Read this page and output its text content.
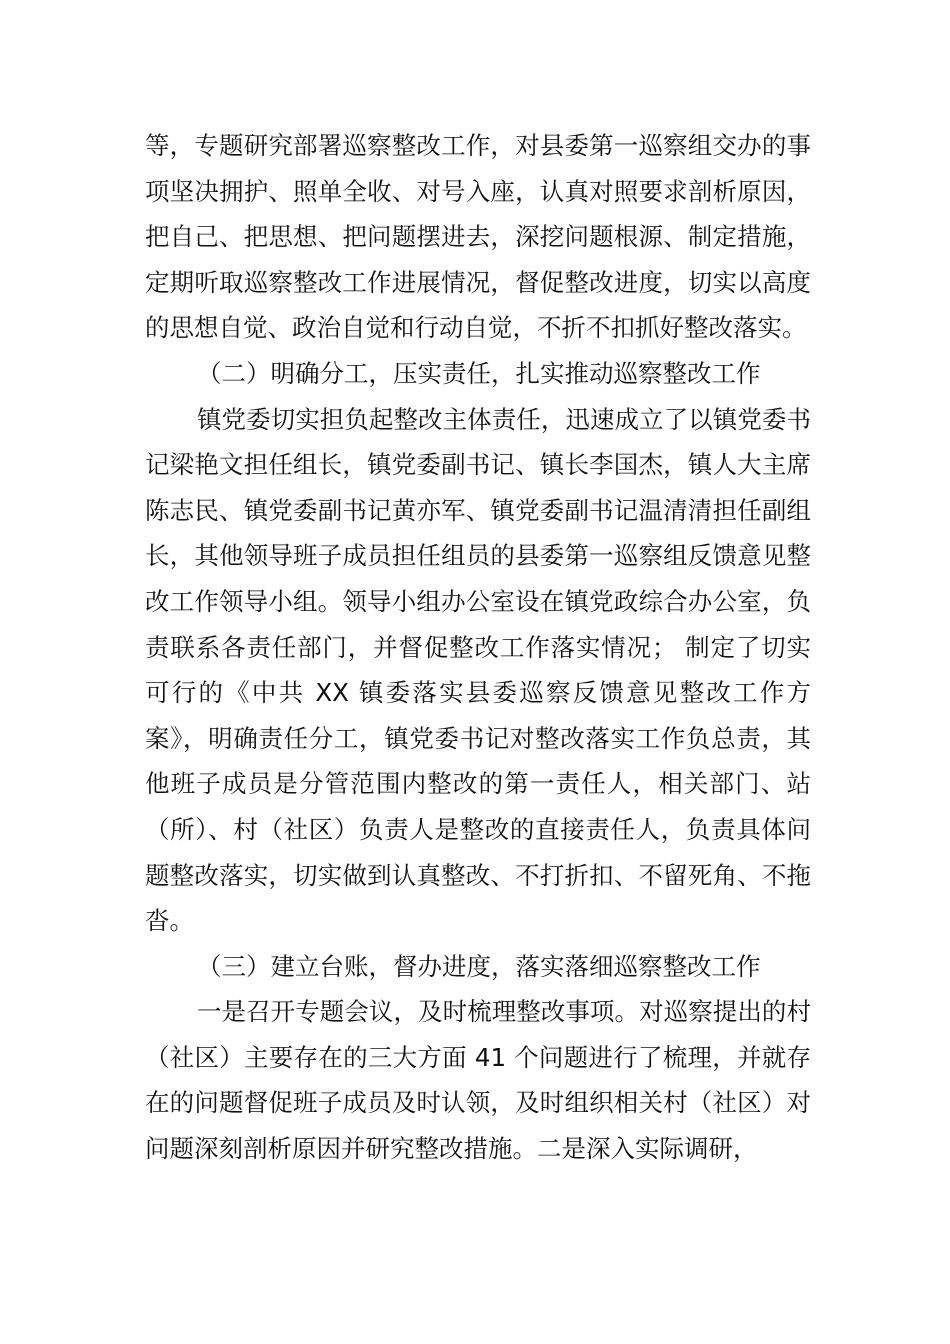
等，专题研究部署巡察整改工作，对县委第一巡察组交办的事项坚决拥护、照单全收、对号入座，认真对照要求剖析原因，把自己、把思想、把问题摆进去，深挖问题根源、制定措施，定期听取巡察整改工作进展情况，督促整改进度，切实以高度的思想自觉、政治自觉和行动自觉，不折不扣抓好整改落实。

（二）明确分工，压实责任，扎实推动巡察整改工作

镇党委切实担负起整改主体责任，迅速成立了以镇党委书记梁艳文担任组长，镇党委副书记、镇长李国杰，镇人大主席陈志民、镇党委副书记黄亦军、镇党委副书记温清清担任副组长，其他领导班子成员担任组员的县委第一巡察组反馈意见整改工作领导小组。领导小组办公室设在镇党政综合办公室，负责联系各责任部门，并督促整改工作落实情况； 制定了切实可行的《中共 XX 镇委落实县委巡察反馈意见整改工作方案》，明确责任分工，镇党委书记对整改落实工作负总责，其他班子成员是分管范围内整改的第一责任人，相关部门、站（所）、村（社区）负责人是整改的直接责任人，负责具体问题整改落实，切实做到认真整改、不打折扣、不留死角、不拖沓。

（三）建立台账，督办进度，落实落细巡察整改工作

一是召开专题会议，及时梳理整改事项。对巡察提出的村（社区）主要存在的三大方面 41 个问题进行了梳理，并就存在的问题督促班子成员及时认领，及时组织相关村（社区）对问题深刻剖析原因并研究整改措施。二是深入实际调研，
